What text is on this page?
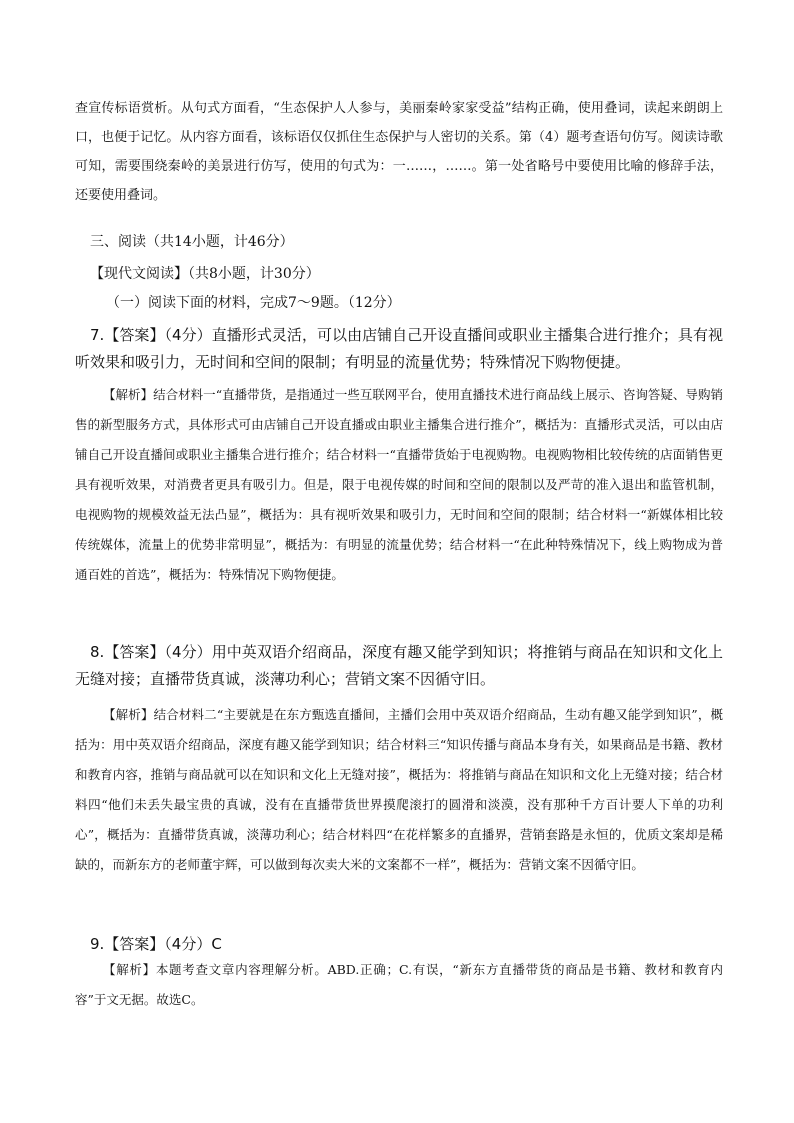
查宣传标语赏析。从句式方面看，“生态保护人人参与，美丽秦岭家家受益”结构正确，使用叠词，读起来朗朗上口，也便于记忆。从内容方面看，该标语仅仅抓住生态保护与人密切的关系。第（4）题考查语句仿写。阅读诗歌可知，需要围绕秦岭的美景进行仿写，使用的句式为：一……，……。第一处省略号中要使用比喻的修辞手法，还要使用叠词。

三、阅读（共14小题，计46分）

【现代文阅读】（共8小题，计30分）

（一）阅读下面的材料，完成7～9题。（12分）

7.【答案】（4分）直播形式灵活，可以由店铺自己开设直播间或职业主播集合进行推介；具有视听效果和吸引力，无时间和空间的限制；有明显的流量优势；特殊情况下购物便捷。

【解析】结合材料一“直播带货，是指通过一些互联网平台，使用直播技术进行商品线上展示、咨询答疑、导购销售的新型服务方式，具体形式可由店铺自己开设直播或由职业主播集合进行推介”，概括为：直播形式灵活，可以由店铺自己开设直播间或职业主播集合进行推介；结合材料一“直播带货始于电视购物。电视购物相比较传统的店面销售更具有视听效果，对消费者更具有吸引力。但是，限于电视传媒的时间和空间的限制以及严苛的准入退出和监管机制，电视购物的规模效益无法凸显”，概括为：具有视听效果和吸引力，无时间和空间的限制；结合材料一“新媒体相比较传统媒体，流量上的优势非常明显”，概括为：有明显的流量优势；结合材料一“在此种特殊情况下，线上购物成为普通百姓的首选”，概括为：特殊情况下购物便捷。

8.【答案】（4分）用中英双语介绍商品，深度有趣又能学到知识；将推销与商品在知识和文化上无缝对接；直播带货真诚，淡薄功利心；营销文案不因循守旧。

【解析】结合材料二“主要就是在东方甄选直播间，主播们会用中英双语介绍商品，生动有趣又能学到知识”，概括为：用中英双语介绍商品，深度有趣又能学到知识；结合材料三“知识传播与商品本身有关，如果商品是书籍、教材和教育内容，推销与商品就可以在知识和文化上无缝对接”，概括为：将推销与商品在知识和文化上无缝对接；结合材料四“他们未丢失最宝贵的真诚，没有在直播带货世界摸爬滚打的圆滑和淡漠，没有那种千方百计要人下单的功利心”，概括为：直播带货真诚，淡薄功利心；结合材料四“在花样繁多的直播界，营销套路是永恒的，优质文案却是稀缺的，而新东方的老师董宇辉，可以做到每次卖大米的文案都不一样”，概括为：营销文案不因循守旧。

9.【答案】（4分）C

【解析】本题考查文章内容理解分析。ABD.正确；C.有误，“新东方直播带货的商品是书籍、教材和教育内容”于文无据。故选C。
